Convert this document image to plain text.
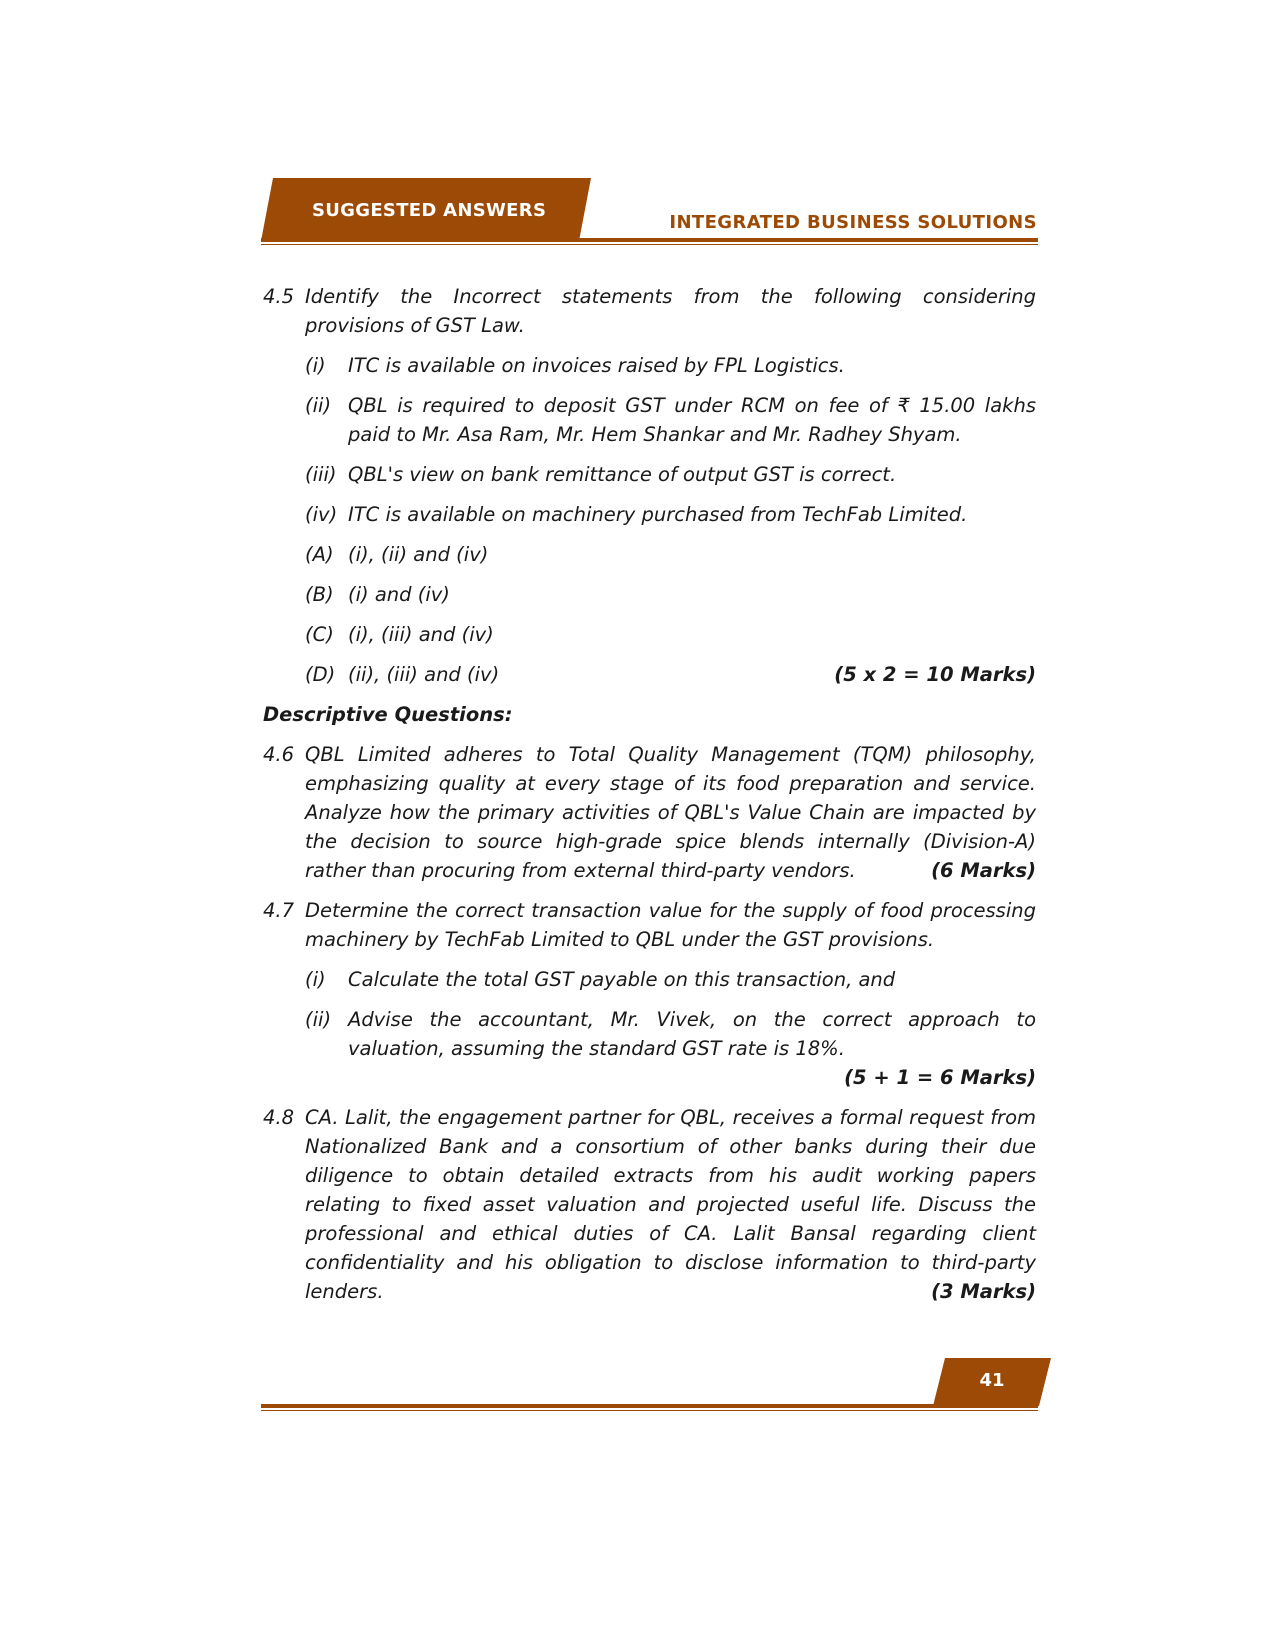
SUGGESTED ANSWERS
INTEGRATED BUSINESS SOLUTIONS
4.5 Identify the Incorrect statements from the following considering provisions of GST Law.
(i)	ITC is available on invoices raised by FPL Logistics.
(ii) QBL is required to deposit GST under RCM on fee of ₹ 15.00 lakhs paid to Mr. Asa Ram, Mr. Hem Shankar and Mr. Radhey Shyam.
(iii) QBL's view on bank remittance of output GST is correct.
(iv) ITC is available on machinery purchased from TechFab Limited.
(A) (i), (ii) and (iv)
(B) (i) and (iv)
(C) (i), (iii) and (iv)
(D)	(5 x 2 = 10 Marks)
(ii), (iii) and (iv)
Descriptive Questions:
4.6 QBL Limited adheres to Total Quality Management (TQM) philosophy, emphasizing quality at every stage of its food preparation and service. Analyze how the primary activities of QBL's Value Chain are impacted by the decision to source high-grade spice blends internally (Division-A) rather than procuring from external third-party vendors.	(6 Marks)
4.7 Determine the correct transaction value for the supply of food processing machinery by TechFab Limited to QBL under the GST provisions.
(i)	Calculate the total GST payable on this transaction, and
(ii) Advise the accountant, Mr. Vivek, on the correct approach to valuation, assuming the standard GST rate is 18%.
(5 + 1 = 6 Marks)
4.8 CA. Lalit, the engagement partner for QBL, receives a formal request from Nationalized Bank and a consortium of other banks during their due diligence to obtain detailed extracts from his audit working papers relating to fixed asset valuation and projected useful life. Discuss the professional and ethical duties of CA. Lalit Bansal regarding client confidentiality and his obligation to disclose information to third-party lenders.	(3 Marks)
41
